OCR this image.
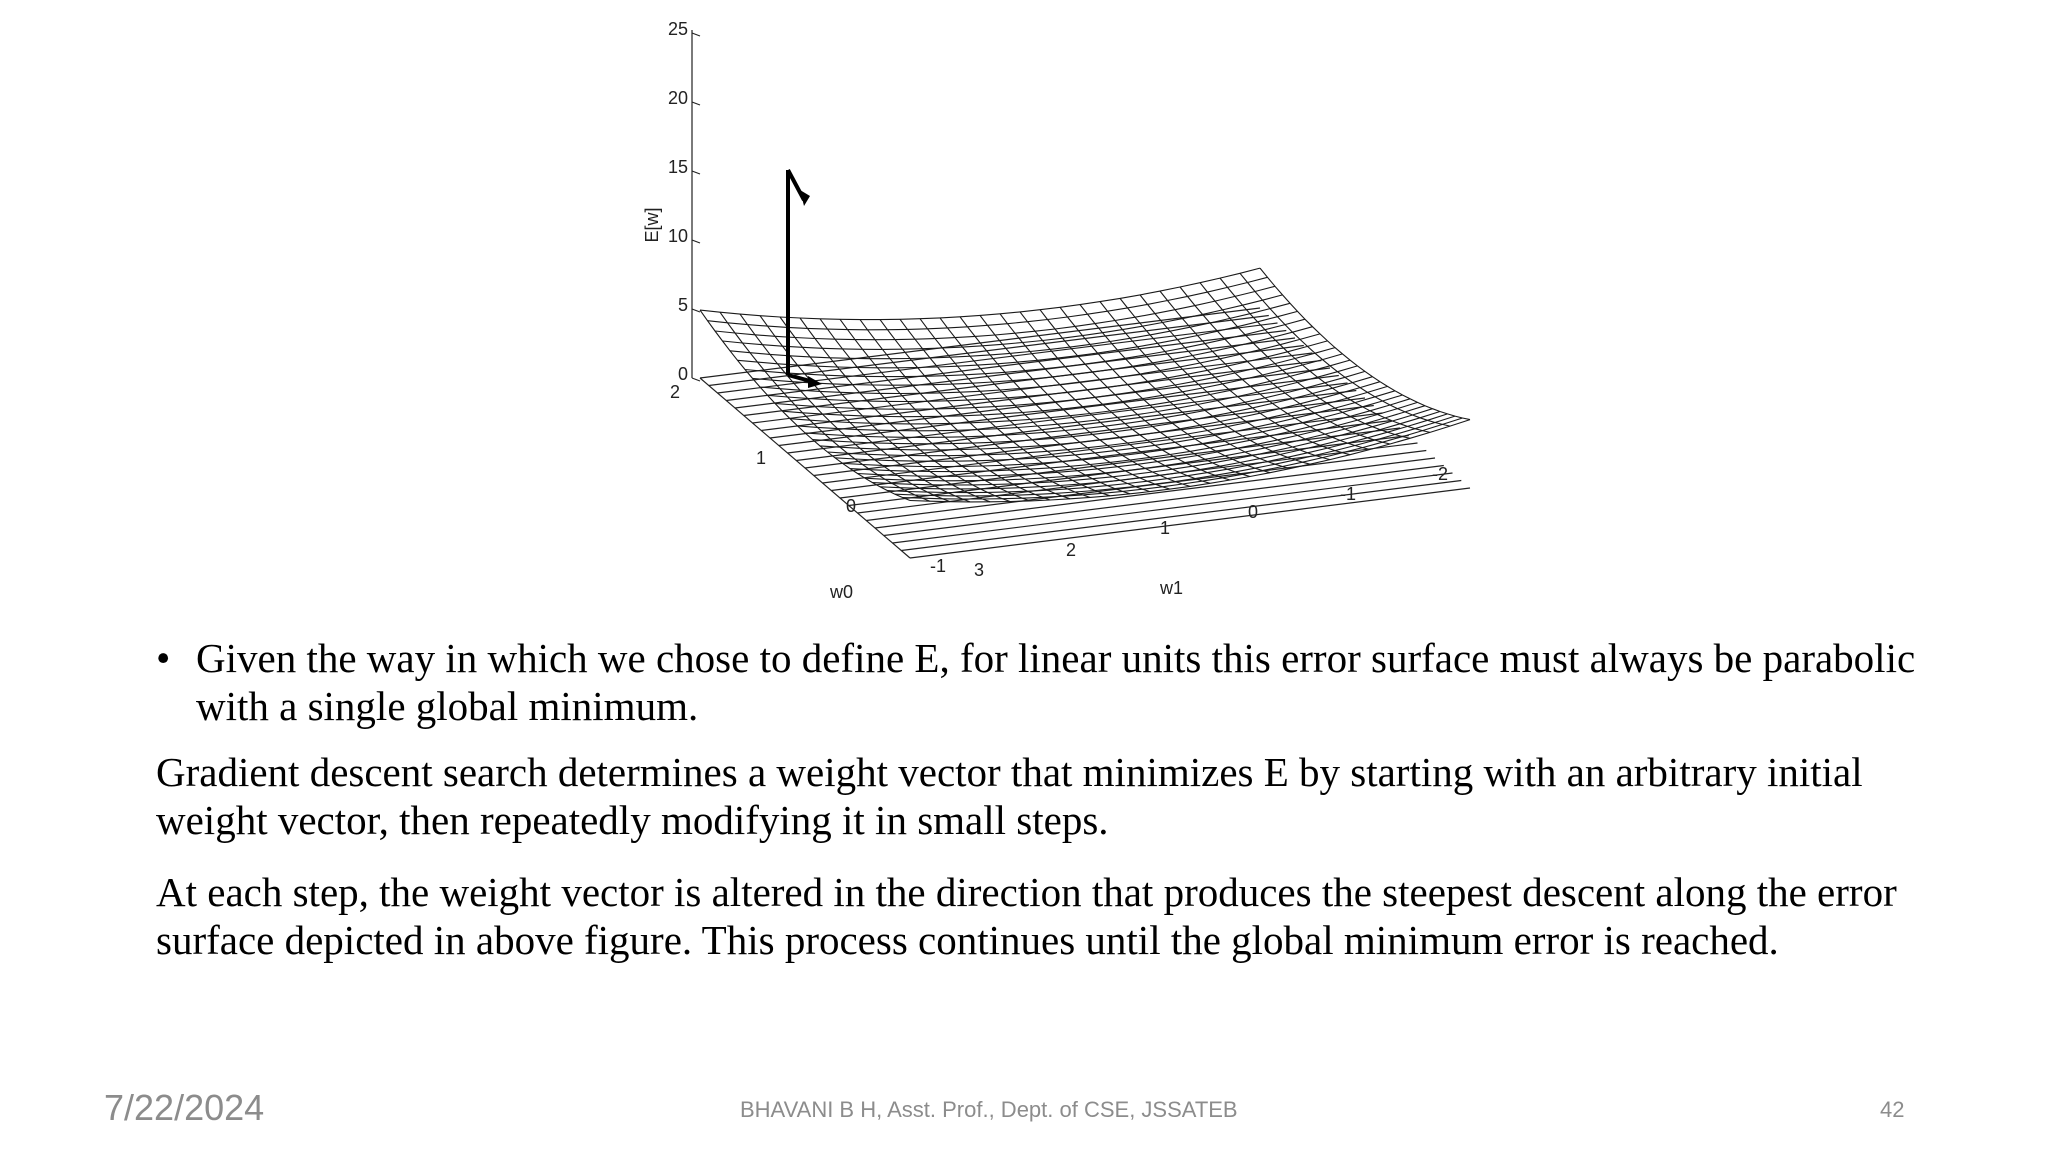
25
20
15
10
5
0
E[w]
w0	w1
2
1
0
-1 3
2
1
0
-1
-2
• Given the way in which we chose to define E, for linear units this error surface must always be parabolic with a single global minimum.
Gradient descent search determines a weight vector that minimizes E by starting with an arbitrary initial weight vector, then repeatedly modifying it in small steps.
At each step, the weight vector is altered in the direction that produces the steepest descent along the error surface depicted in above figure. This process continues until the global minimum error is reached.
7/22/2024	BHAVANI B H, Asst. Prof., Dept. of CSE, JSSATEB	42
